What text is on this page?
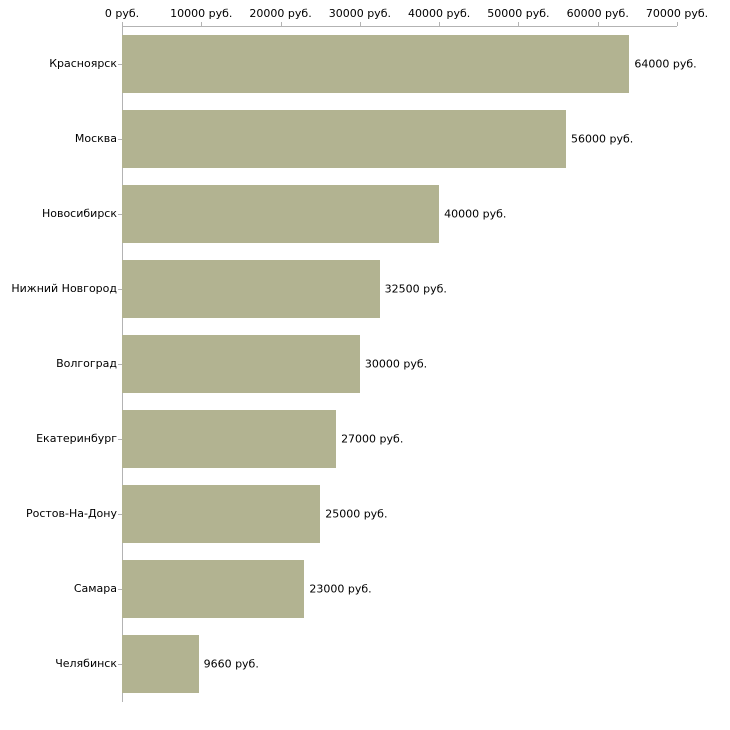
0 руб.	10000 руб. 20000 руб. 30000 руб. 40000 руб. 50000 руб. 60000 руб. 70000 руб.
64000 руб.
56000 руб.
40000 руб.
32500 руб.
30000 руб.
27000 руб.
25000 руб.
23000 руб.
9660 руб.
Красноярск
Москва
Новосибирск
Нижний Новгород
Волгоград
Екатеринбург
Ростов-На-Дону
Самара
Челябинск
